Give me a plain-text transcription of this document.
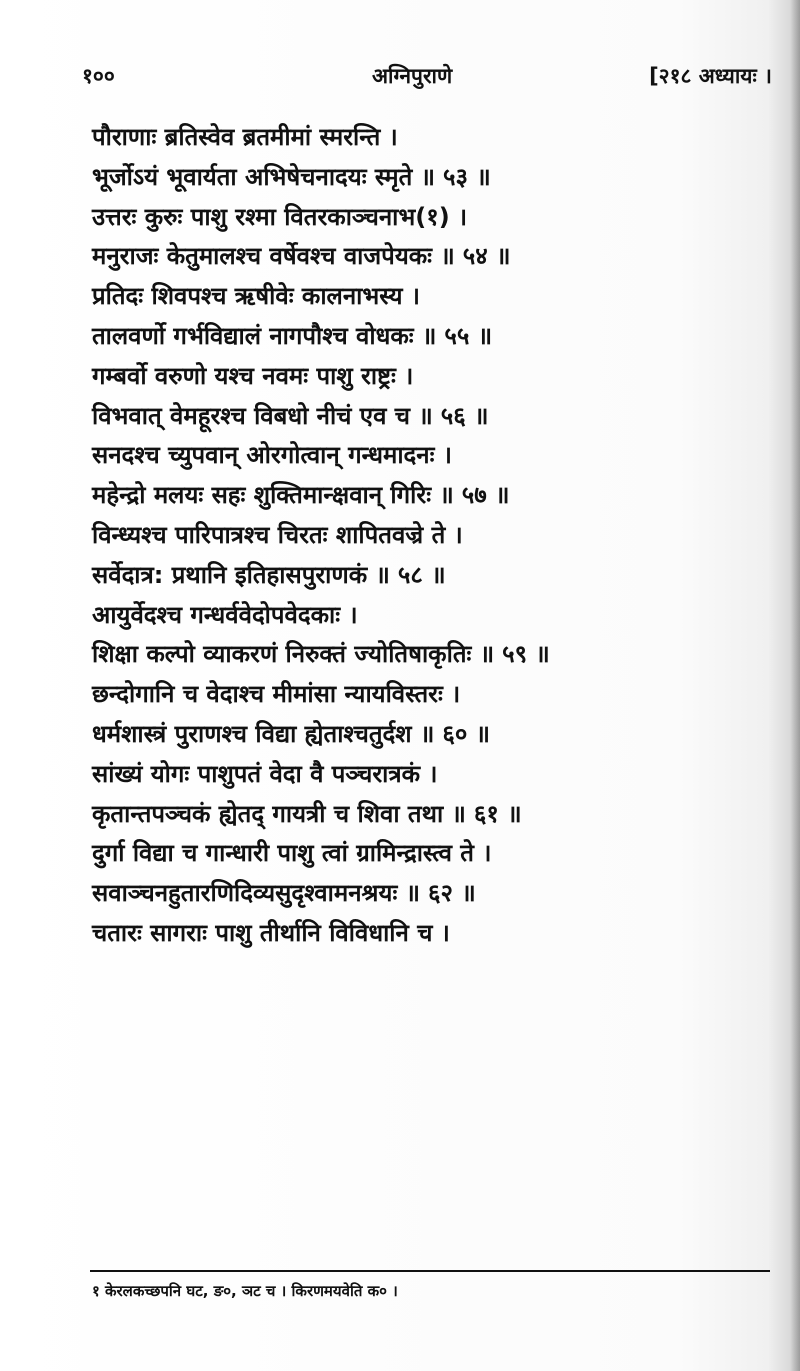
१००	अग्निपुराणे	[२१८ अध्यायः ।
पौराणाः ब्रतिस्वेव ब्रतमीमां स्मरन्ति ।
भूर्जोऽयं भूवार्यता अभिषेचनादयः स्मृते ॥ ५३ ॥
उत्तरः कुरुः पाशु रश्मा वितरकाञ्चनाभ(१) ।
मनुराजः केतुमालश्च वर्षेवश्च वाजपेयकः ॥ ५४ ॥
प्रतिदः शिवपश्च ऋषीवेः कालनाभस्य ।
तालवर्णो गर्भविद्यालं नागपौश्च वोधकः ॥ ५५ ॥
गम्बर्वो वरुणो यश्च नवमः पाशु राष्ट्रः ।
विभवात् वेमहूरश्च विबधो नीचं एव च ॥ ५६ ॥
सनदश्च च्युपवान् ओरगोत्वान् गन्धमादनः ।
महेन्द्रो मलयः सहः शुक्तिमान्क्षवान् गिरिः ॥ ५७ ॥
विन्ध्यश्च पारिपात्रश्च चिरतः शापितवज्रे ते ।
सर्वेदात्र: प्रथानि इतिहासपुराणकं ॥ ५८ ॥
आयुर्वेदश्च गन्धर्ववेदोपवेदकाः ।
शिक्षा कल्पो व्याकरणं निरुक्तं ज्योतिषाकृतिः ॥ ५९ ॥
छन्दोगानि च वेदाश्च मीमांसा न्यायविस्तरः ।
धर्मशास्त्रं पुराणश्च विद्या ह्येताश्चतुर्दश ॥ ६० ॥
सांख्यं योगः पाशुपतं वेदा वै पञ्चरात्रकं ।
कृतान्तपञ्चकं ह्येतद् गायत्री च शिवा तथा ॥ ६१ ॥
दुर्गा विद्या च गान्धारी पाशु त्वां ग्रामिन्द्रास्त्व ते ।
सवाञ्चनहुतारणिदिव्यसुदृश्वामनश्रयः ॥ ६२ ॥
चतारः सागराः पाशु तीर्थानि विविधानि च ।
१ केरलकच्छपनि घट, ङ०, ञट च । किरणमयवेति क० ।
